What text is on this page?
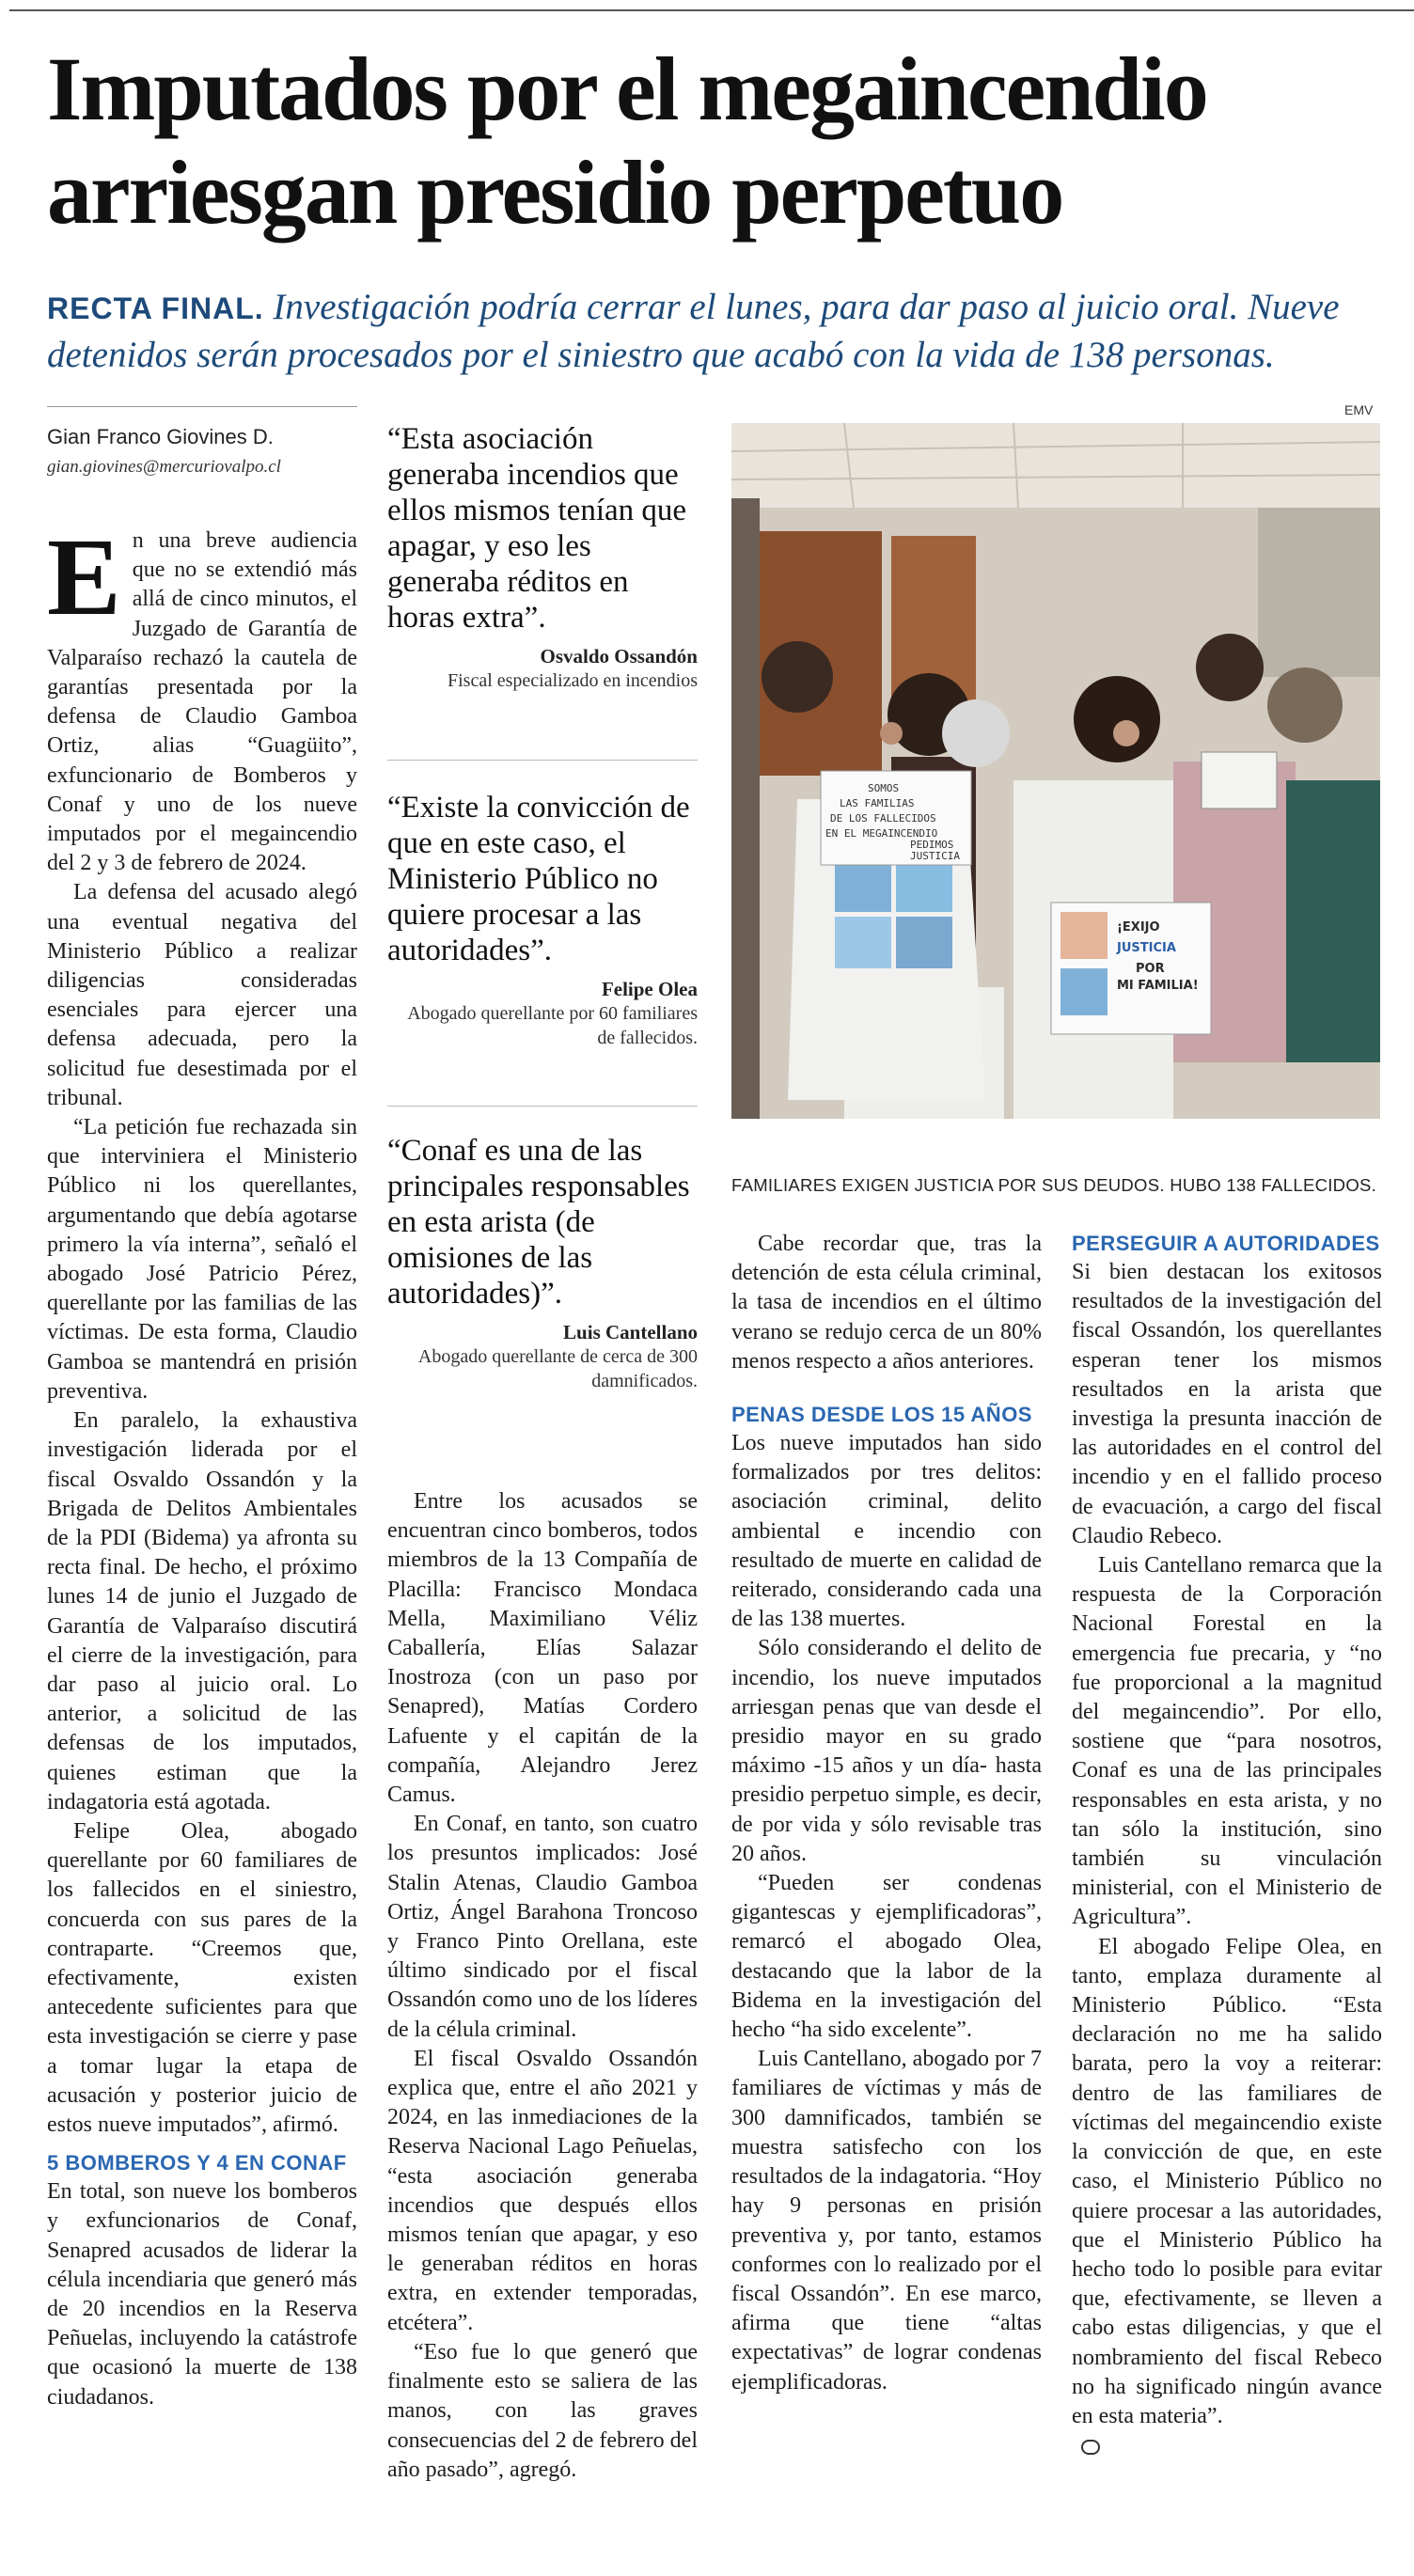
Imputados por el megaincendio
arriesgan presidio perpetuo
RECTA FINAL. Investigación podría cerrar el lunes, para dar paso al juicio oral. Nueve detenidos serán procesados por el siniestro que acabó con la vida de 138 personas.
Gian Franco Giovines D.
gian.giovines@mercuriovalpo.cl

En una breve audiencia que no se extendió más allá de cinco minutos, el Juzgado de Garantía de Valparaíso rechazó la cautela de garantías presentada por la defensa de Claudio Gamboa Ortiz, alias “Guagüito”, exfuncionario de Bomberos y Conaf y uno de los nueve imputados por el megaincendio del 2 y 3 de febrero de 2024.

La defensa del acusado alegó una eventual negativa del Ministerio Público a realizar diligencias consideradas esenciales para ejercer una defensa adecuada, pero la solicitud fue desestimada por el tribunal.

“La petición fue rechazada sin que interviniera el Ministerio Público ni los querellantes, argumentando que debía agotarse primero la vía interna”, señaló el abogado José Patricio Pérez, querellante por las familias de las víctimas. De esta forma, Claudio Gamboa se mantendrá en prisión preventiva.

En paralelo, la exhaustiva investigación liderada por el fiscal Osvaldo Ossandón y la Brigada de Delitos Ambientales de la PDI (Bidema) ya afronta su recta final. De hecho, el próximo lunes 14 de junio el Juzgado de Garantía de Valparaíso discutirá el cierre de la investigación, para dar paso al juicio oral. Lo anterior, a solicitud de las defensas de los imputados, quienes estiman que la indagatoria está agotada.

Felipe Olea, abogado querellante por 60 familiares de los fallecidos en el siniestro, concuerda con sus pares de la contraparte. “Creemos que, efectivamente, existen antecedente suficientes para que esta investigación se cierre y pase a tomar lugar la etapa de acusación y posterior juicio de estos nueve imputados”, afirmó.

5 BOMBEROS Y 4 EN CONAF

En total, son nueve los bomberos y exfuncionarios de Conaf, Senapred acusados de liderar la célula incendiaria que generó más de 20 incendios en la Reserva Peñuelas, incluyendo la catástrofe que ocasionó la muerte de 138 ciudadanos.

“Esta asociación generaba incendios que ellos mismos tenían que apagar, y eso les generaba réditos en horas extra”.
Osvaldo Ossandón
Fiscal especializado en incendios
“Existe la convicción de que en este caso, el Ministerio Público no quiere procesar a las autoridades”.
Felipe Olea
Abogado querellante por 60 familiares de fallecidos.
“Conaf es una de las principales responsables en esta arista (de omisiones de las autoridades)”.
Luis Cantellano
Abogado querellante de cerca de 300 damnificados.

Entre los acusados se encuentran cinco bomberos, todos miembros de la 13 Compañía de Placilla: Francisco Mondaca Mella, Maximiliano Véliz Caballería, Elías Salazar Inostroza (con un paso por Senapred), Matías Cordero Lafuente y el capitán de la compañía, Alejandro Jerez Camus.

En Conaf, en tanto, son cuatro los presuntos implicados: José Stalin Atenas, Claudio Gamboa Ortiz, Ángel Barahona Troncoso y Franco Pinto Orellana, este último sindicado por el fiscal Ossandón como uno de los líderes de la célula criminal.

El fiscal Osvaldo Ossandón explica que, entre el año 2021 y 2024, en las inmediaciones de la Reserva Nacional Lago Peñuelas, “esta asociación generaba incendios que después ellos mismos tenían que apagar, y eso le generaban réditos en horas extra, en extender temporadas, etcétera”.

“Eso fue lo que generó que finalmente esto se saliera de las manos, con las graves consecuencias del 2 de febrero del año pasado”, agregó.

EMV
SOMOS
LAS FAMILIAS
DE LOS FALLECIDOS
EN EL MEGAINCENDIO
PEDIMOS
JUSTICIA
¡EXIJO
JUSTICIA
POR
MI FAMILIA!
FAMILIARES EXIGEN JUSTICIA POR SUS DEUDOS. HUBO 138 FALLECIDOS.

Cabe recordar que, tras la detención de esta célula criminal, la tasa de incendios en el último verano se redujo cerca de un 80% menos respecto a años anteriores.

PENAS DESDE LOS 15 AÑOS

Los nueve imputados han sido formalizados por tres delitos: asociación criminal, delito ambiental e incendio con resultado de muerte en calidad de reiterado, considerando cada una de las 138 muertes.

Sólo considerando el delito de incendio, los nueve imputados arriesgan penas que van desde el presidio mayor en su grado máximo -15 años y un día- hasta presidio perpetuo simple, es decir, de por vida y sólo revisable tras 20 años.

“Pueden ser condenas gigantescas y ejemplificadoras”, remarcó el abogado Olea, destacando que la labor de la Bidema en la investigación del hecho “ha sido excelente”.

Luis Cantellano, abogado por 7 familiares de víctimas y más de 300 damnificados, también se muestra satisfecho con los resultados de la indagatoria. “Hoy hay 9 personas en prisión preventiva y, por tanto, estamos conformes con lo realizado por el fiscal Ossandón”. En ese marco, afirma que tiene “altas expectativas” de lograr condenas ejemplificadoras.

PERSEGUIR A AUTORIDADES

Si bien destacan los exitosos resultados de la investigación del fiscal Ossandón, los querellantes esperan tener los mismos resultados en la arista que investiga la presunta inacción de las autoridades en el control del incendio y en el fallido proceso de evacuación, a cargo del fiscal Claudio Rebeco.

Luis Cantellano remarca que la respuesta de la Corporación Nacional Forestal en la emergencia fue precaria, y “no fue proporcional a la magnitud del megaincendio”. Por ello, sostiene que “para nosotros, Conaf es una de las principales responsables en esta arista, y no tan sólo la institución, sino también su vinculación ministerial, con el Ministerio de Agricultura”.

El abogado Felipe Olea, en tanto, emplaza duramente al Ministerio Público. “Esta declaración no me ha salido barata, pero la voy a reiterar: dentro de las familiares de víctimas del megaincendio existe la convicción de que, en este caso, el Ministerio Público no quiere procesar a las autoridades, que el Ministerio Público ha hecho todo lo posible para evitar que, efectivamente, se lleven a cabo estas diligencias, y que el nombramiento del fiscal Rebeco no ha significado ningún avance en esta materia”.
